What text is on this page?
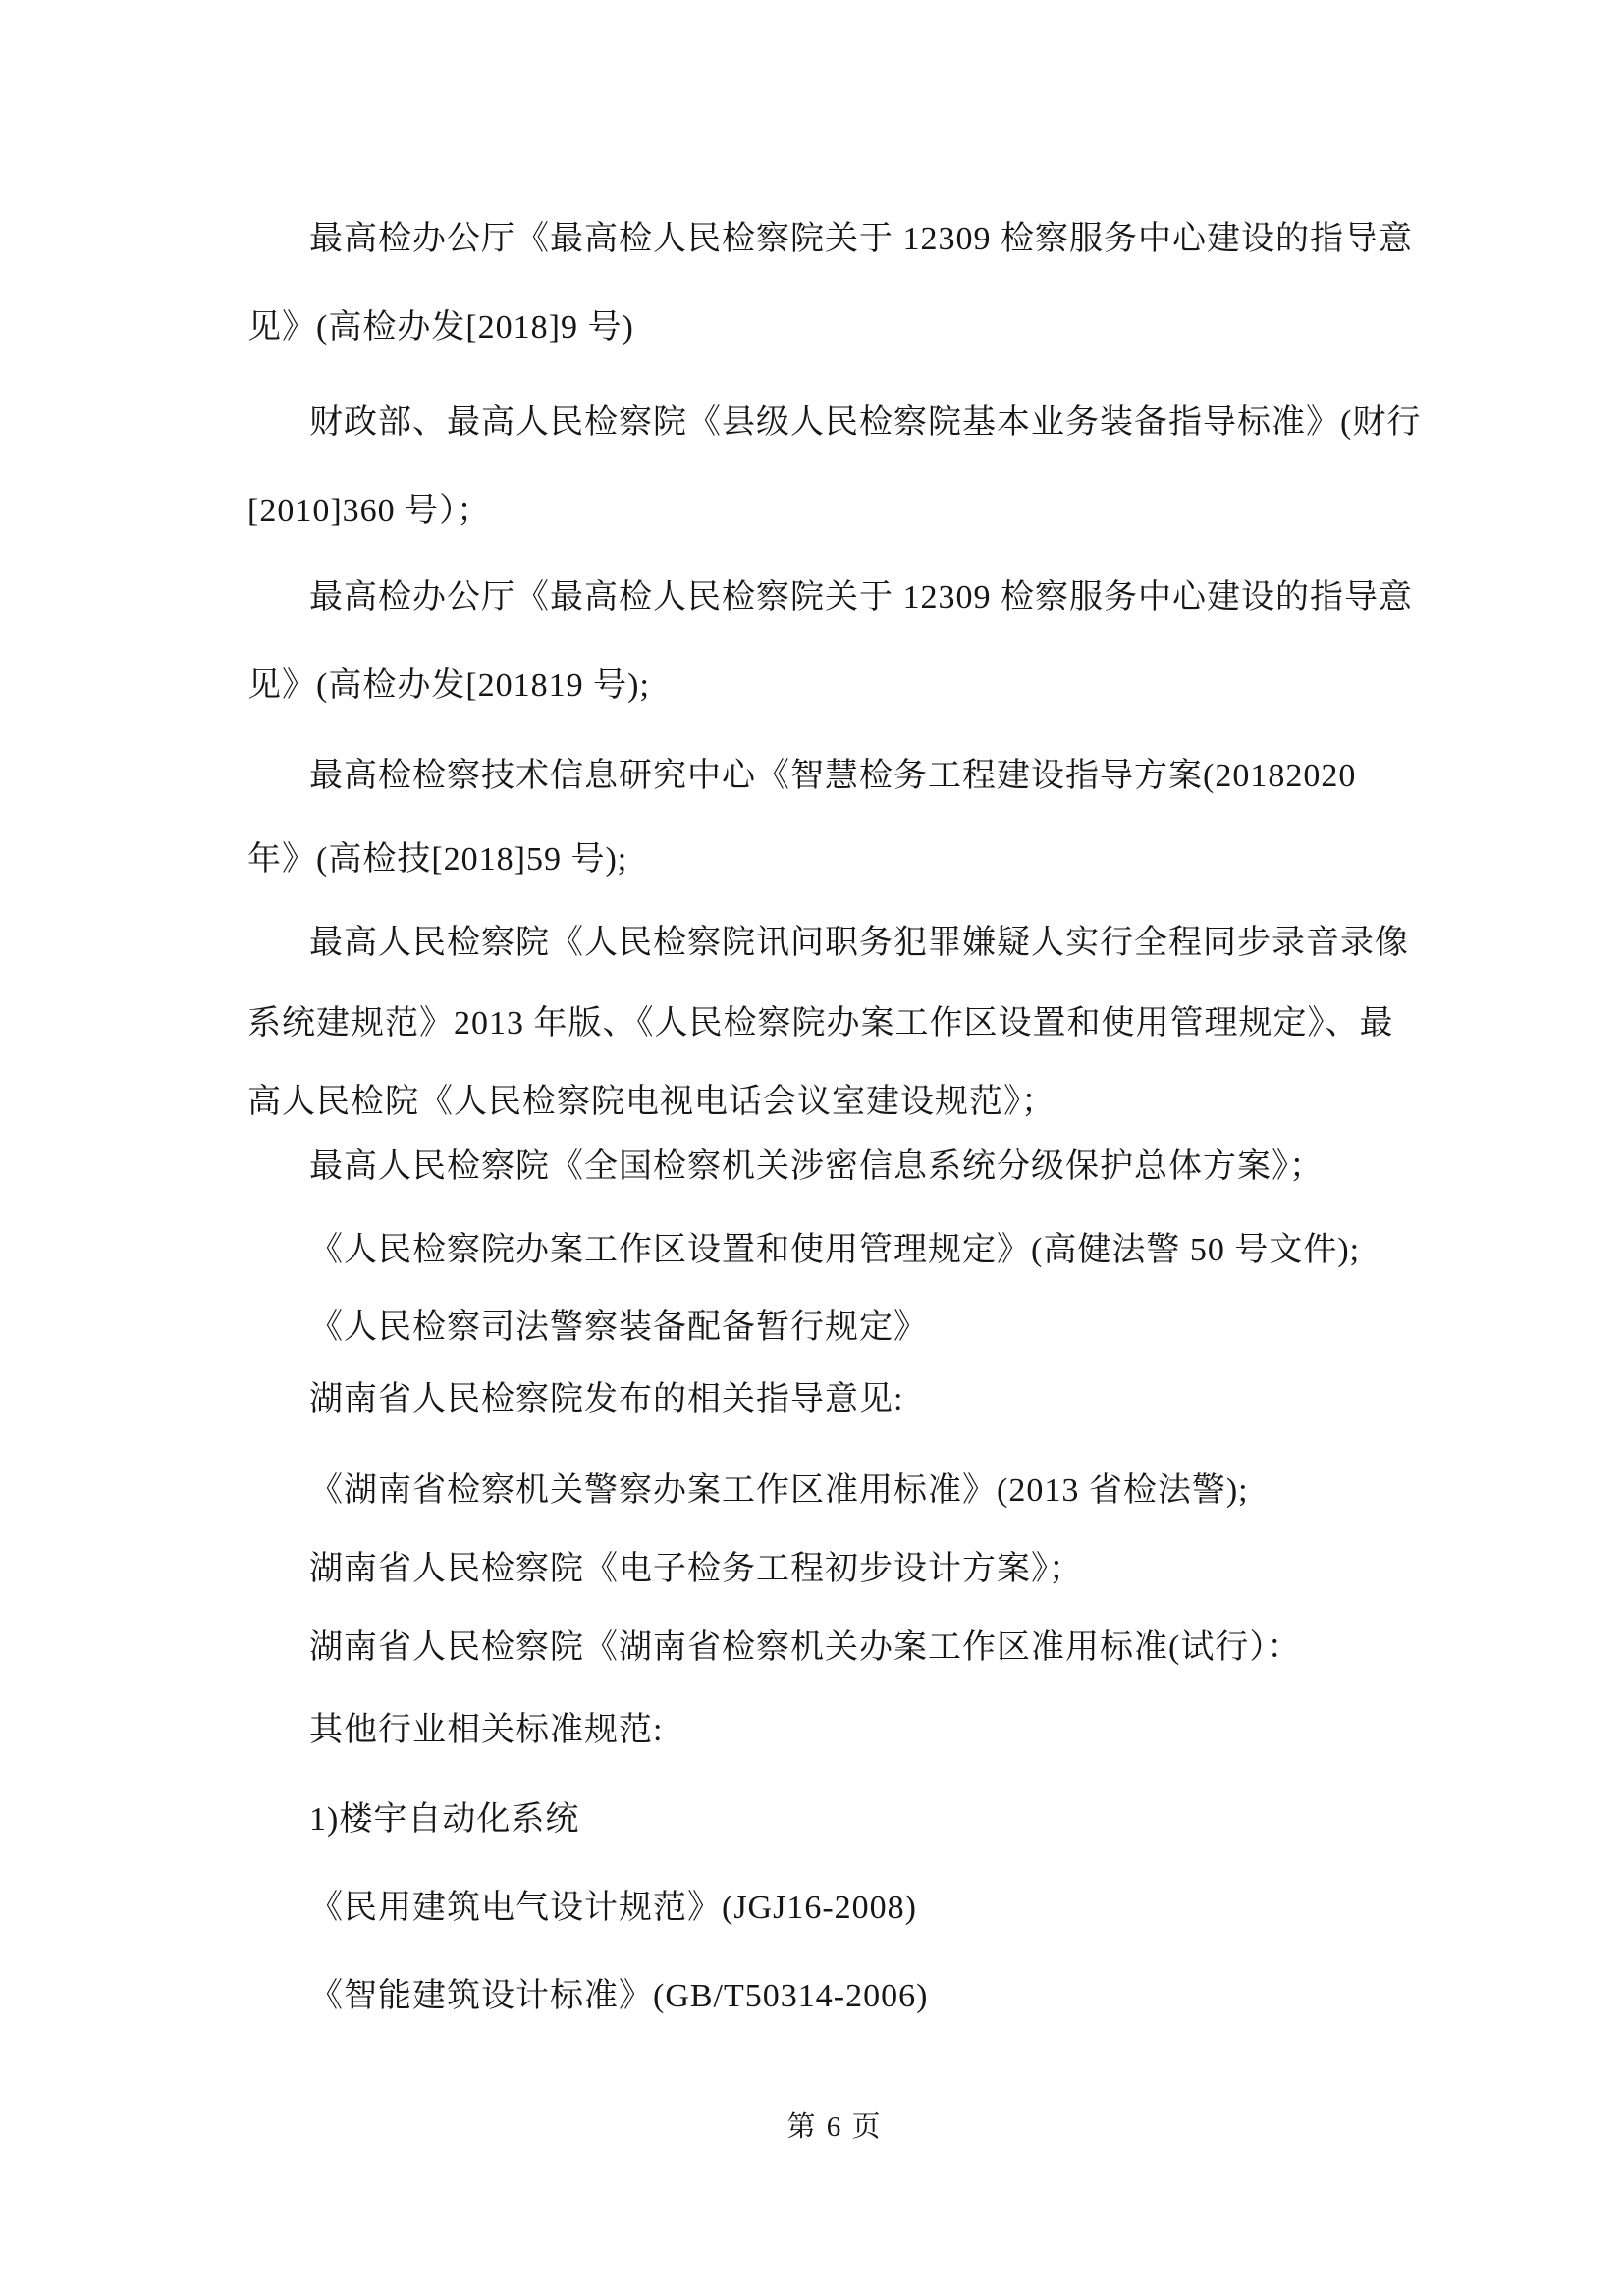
最高检办公厅《最高检人民检察院关于 12309 检察服务中心建设的指导意
见》(高检办发[2018]9 号)
财政部、最高人民检察院《县级人民检察院基本业务装备指导标准》(财行
[2010]360 号）；
最高检办公厅《最高检人民检察院关于 12309 检察服务中心建设的指导意
见》(高检办发[201819 号);
最高检检察技术信息研究中心《智慧检务工程建设指导方案(20182020
年》(高检技[2018]59 号);
最高人民检察院《人民检察院讯问职务犯罪嫌疑人实行全程同步录音录像
系统建规范》2013 年版、《人民检察院办案工作区设置和使用管理规定》、最
高人民检院《人民检察院电视电话会议室建设规范》；
最高人民检察院《全国检察机关涉密信息系统分级保护总体方案》；
《人民检察院办案工作区设置和使用管理规定》(高健法警 50 号文件);
《人民检察司法警察装备配备暂行规定》
湖南省人民检察院发布的相关指导意见:
《湖南省检察机关警察办案工作区准用标准》(2013 省检法警);
湖南省人民检察院《电子检务工程初步设计方案》；
湖南省人民检察院《湖南省检察机关办案工作区准用标准(试行）：
其他行业相关标准规范:
1)楼宇自动化系统
《民用建筑电气设计规范》(JGJ16-2008)
《智能建筑设计标准》(GB/T50314-2006)
第 6 页
